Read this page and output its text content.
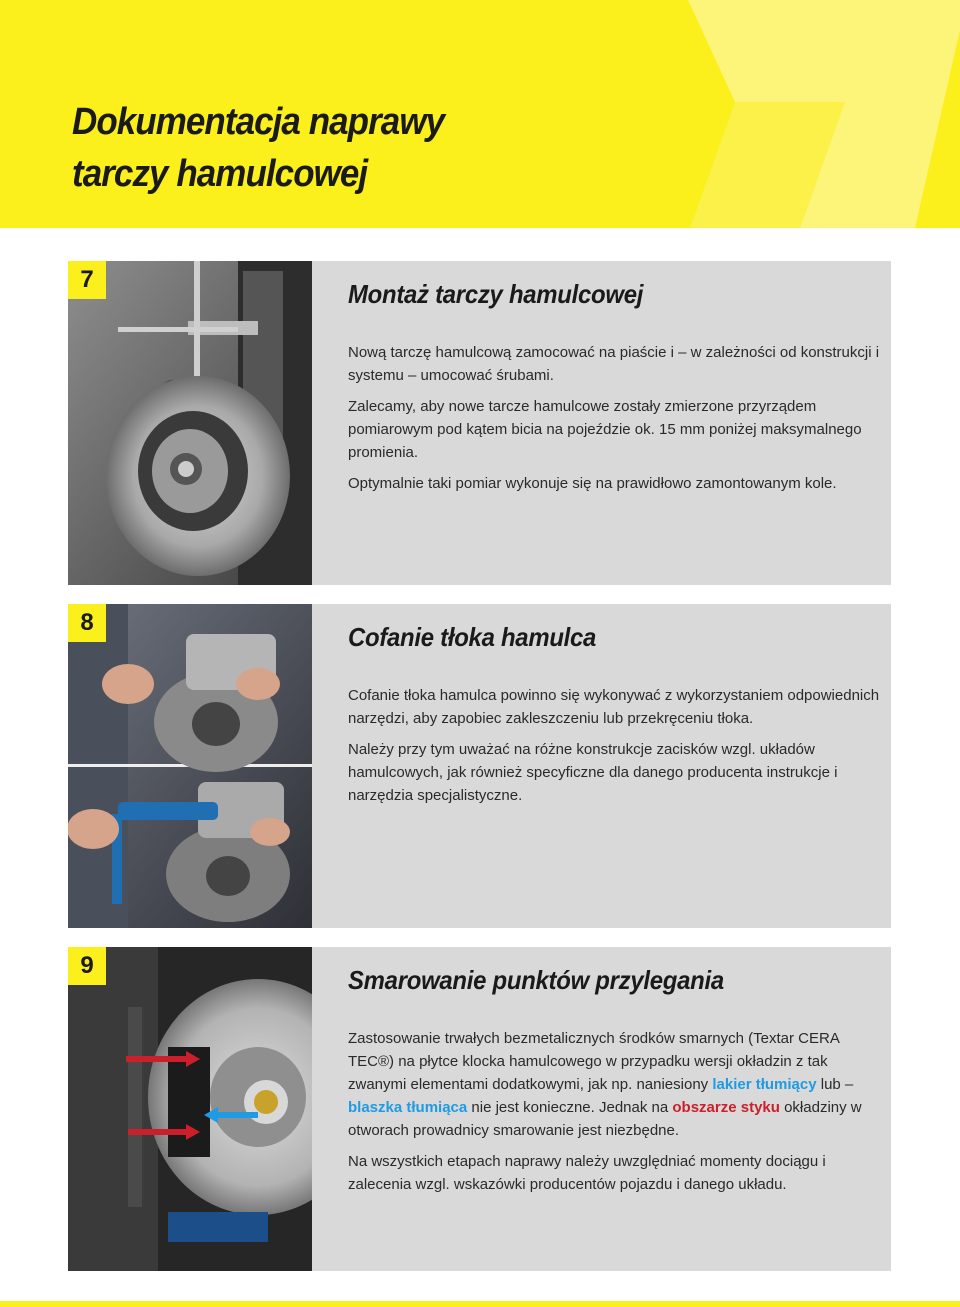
Dokumentacja naprawy
tarczy hamulcowej
7	Montaż tarczy hamulcowej

Nową tarczę hamulcową zamocować na piaście i – w zależności od konstrukcji i systemu – umocować śrubami.

Zalecamy, aby nowe tarcze hamulcowe zostały zmierzone przyrządem pomiarowym pod kątem bicia na pojeździe ok. 15 mm poniżej maksymalnego promienia.

Optymalnie taki pomiar wykonuje się na prawidłowo zamontowanym kole.

8	Cofanie tłoka hamulca

Cofanie tłoka hamulca powinno się wykonywać z wykorzystaniem odpowiednich narzędzi, aby zapobiec zakleszczeniu lub przekręceniu tłoka.

Należy przy tym uważać na różne konstrukcje zacisków wzgl. układów hamulcowych, jak również specyficzne dla danego producenta instrukcje i narzędzia specjalistyczne.

9	Smarowanie punktów przylegania

Zastosowanie trwałych bezmetalicznych środków smarnych (Textar CERA TEC®) na płytce klocka hamulcowego w przypadku wersji okładzin z tak zwanymi elementami dodatkowymi, jak np. naniesiony lakier tłumiący lub –blaszka tłumiąca nie jest konieczne. Jednak na obszarze styku okładziny w otworach prowadnicy smarowanie jest niezbędne.

Na wszystkich etapach naprawy należy uwzględniać momenty dociągu i zalecenia wzgl. wskazówki producentów pojazdu i danego układu.
